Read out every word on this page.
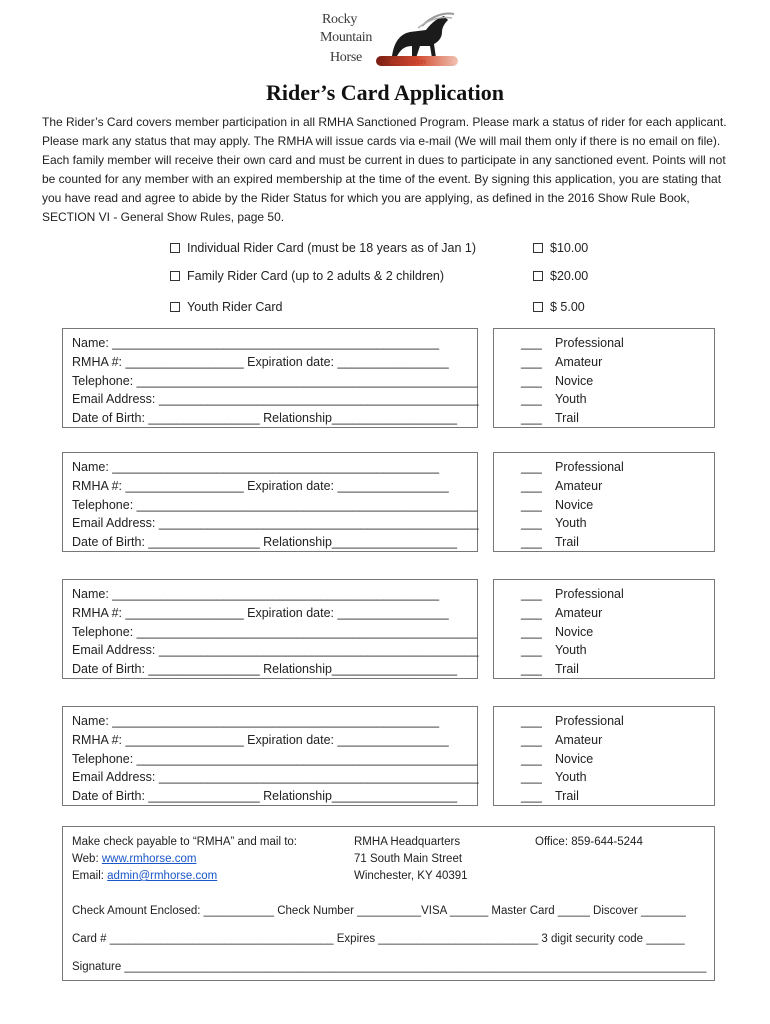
Rocky
Mountain
Horse	Association
Rider’s Card Application
The Rider’s Card covers member participation in all RMHA Sanctioned Program. Please mark a status of rider for each applicant. Please mark any status that may apply. The RMHA will issue cards via e-mail (We will mail them only if there is no email on file). Each family member will receive their own card and must be current in dues to participate in any sanctioned event. Points will not be counted for any member with an expired membership at the time of the event. By signing this application, you are stating that you have read and agree to abide by the Rider Status for which you are applying, as defined in the 2016 Show Rule Book, SECTION VI - General Show Rules, page 50.
Individual Rider Card (must be 18 years as of Jan 1)	$10.00
Family Rider Card (up to 2 adults & 2 children)	$20.00
Youth Rider Card	$ 5.00
Name: _______________________________________________
RMHA #: _________________ Expiration date: ________________
Telephone: _________________________________________________
Email Address: ______________________________________________
Date of Birth: ________________ Relationship__________________
___ Professional
___ Amateur
___ Novice
___ Youth
___ Trail
Name: _______________________________________________
RMHA #: _________________ Expiration date: ________________
Telephone: _________________________________________________
Email Address: ______________________________________________
Date of Birth: ________________ Relationship__________________
___ Professional
___ Amateur
___ Novice
___ Youth
___ Trail
Name: _______________________________________________
RMHA #: _________________ Expiration date: ________________
Telephone: _________________________________________________
Email Address: ______________________________________________
Date of Birth: ________________ Relationship__________________
___ Professional
___ Amateur
___ Novice
___ Youth
___ Trail
Name: _______________________________________________
RMHA #: _________________ Expiration date: ________________
Telephone: _________________________________________________
Email Address: ______________________________________________
Date of Birth: ________________ Relationship__________________
___ Professional
___ Amateur
___ Novice
___ Youth
___ Trail
Make check payable to “RMHA” and mail to:
Web: www.rmhorse.com
Email: admin@rmhorse.com
RMHA Headquarters
71 South Main Street
Winchester, KY 40391
Office: 859-644-5244
Check Amount Enclosed: ___________ Check Number __________VISA ______ Master Card _____ Discover _______
Card # ___________________________________ Expires _________________________ 3 digit security code ______
Signature ___________________________________________________________________________________________
